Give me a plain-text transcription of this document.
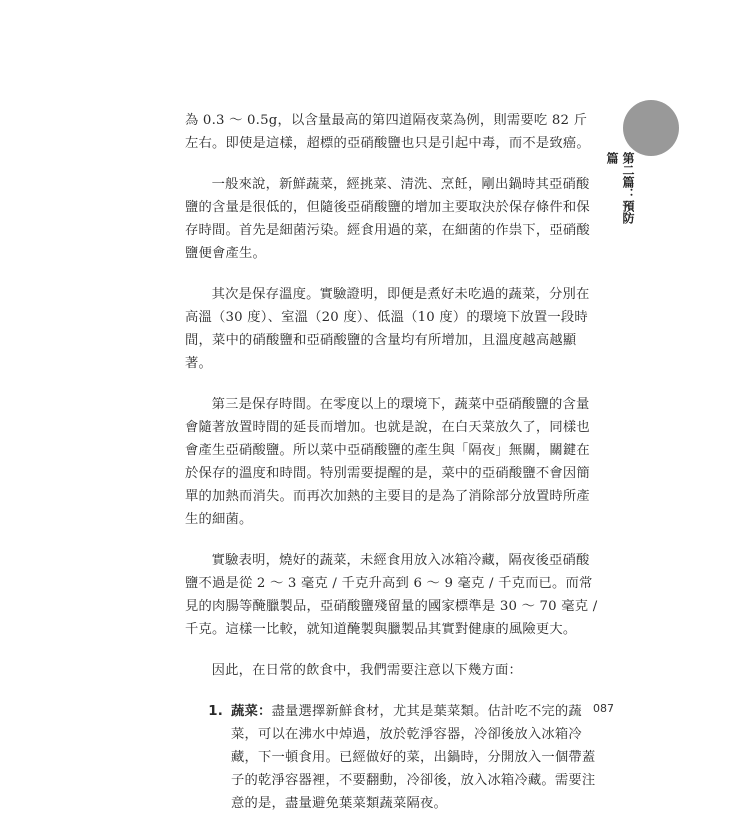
第二篇：預防篇

為 0.3 ～ 0.5g，以含量最高的第四道隔夜菜為例，則需要吃 82 斤左右。即使是這樣，超標的亞硝酸鹽也只是引起中毒，而不是致癌。

一般來說，新鮮蔬菜，經挑菜、清洗、烹飪，剛出鍋時其亞硝酸鹽的含量是很低的，但隨後亞硝酸鹽的增加主要取決於保存條件和保存時間。首先是細菌污染。經食用過的菜，在細菌的作祟下，亞硝酸鹽便會產生。

其次是保存溫度。實驗證明，即便是煮好未吃過的蔬菜，分別在高溫（30 度）、室溫（20 度）、低溫（10 度）的環境下放置一段時間，菜中的硝酸鹽和亞硝酸鹽的含量均有所增加，且溫度越高越顯著。

第三是保存時間。在零度以上的環境下，蔬菜中亞硝酸鹽的含量會隨著放置時間的延長而增加。也就是說，在白天菜放久了，同樣也會產生亞硝酸鹽。所以菜中亞硝酸鹽的產生與「隔夜」無關，關鍵在於保存的溫度和時間。特別需要提醒的是，菜中的亞硝酸鹽不會因簡單的加熱而消失。而再次加熱的主要目的是為了消除部分放置時所產生的細菌。

實驗表明，燒好的蔬菜，未經食用放入冰箱冷藏，隔夜後亞硝酸鹽不過是從 2 ～ 3 毫克 / 千克升高到 6 ～ 9 毫克 / 千克而已。而常見的肉腸等醃臘製品，亞硝酸鹽殘留量的國家標準是 30 ～ 70 毫克 / 千克。這樣一比較，就知道醃製與臘製品其實對健康的風險更大。

因此，在日常的飲食中，我們需要注意以下幾方面：

1. 蔬菜：盡量選擇新鮮食材，尤其是葉菜類。估計吃不完的蔬菜，可以在沸水中焯過，放於乾淨容器，冷卻後放入冰箱冷藏，下一頓食用。已經做好的菜，出鍋時，分開放入一個帶蓋子的乾淨容器裡，不要翻動，冷卻後，放入冰箱冷藏。需要注意的是，盡量避免葉菜類蔬菜隔夜。
087
